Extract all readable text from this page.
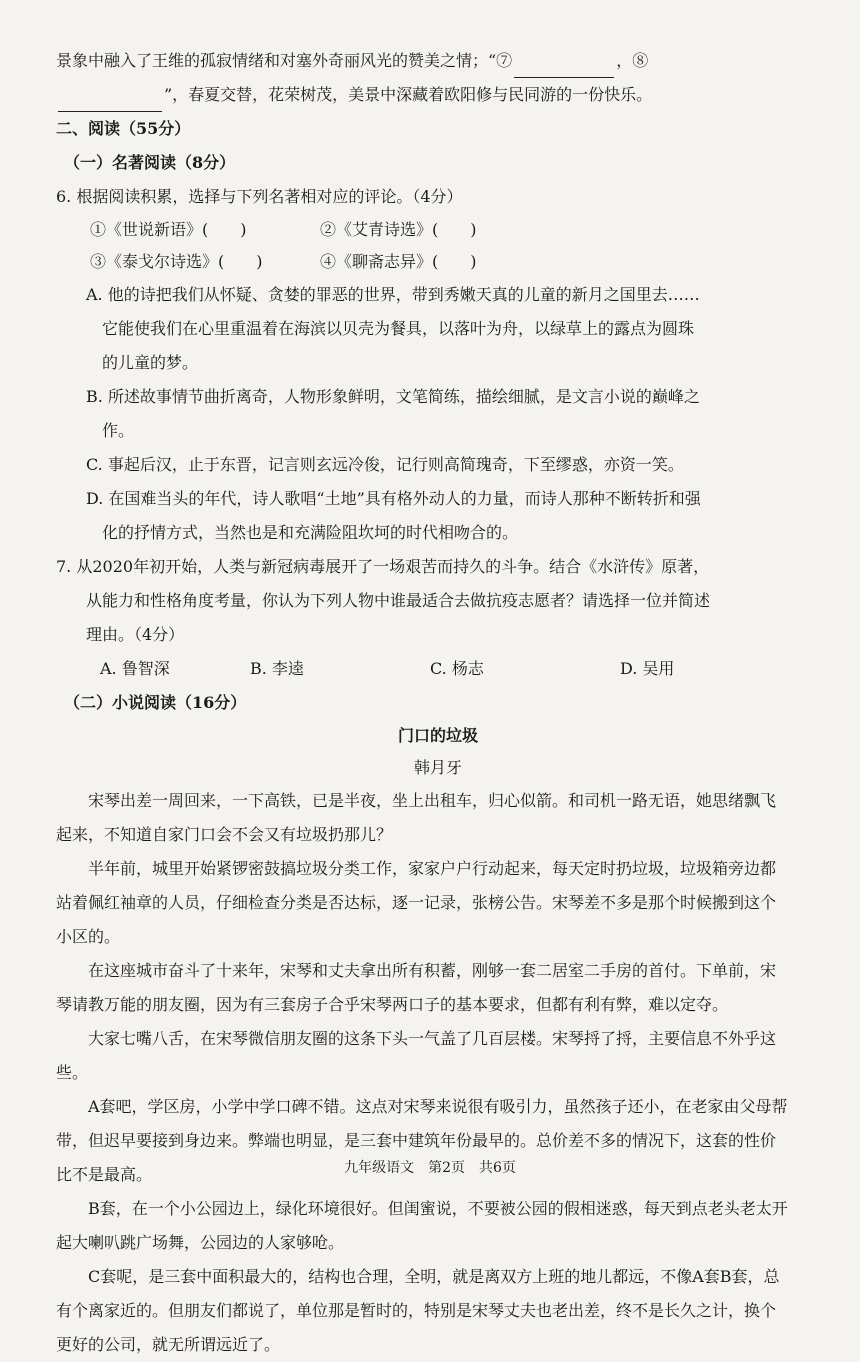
景象中融入了王维的孤寂情绪和对塞外奇丽风光的赞美之情；“⑦	，⑧
”，春夏交替，花荣树茂，美景中深藏着欧阳修与民同游的一份快乐。
二、阅读（55分）
（一）名著阅读（8分）
6. 根据阅读积累，选择与下列名著相对应的评论。（4分）
①《世说新语》(　　)	②《艾青诗选》(　　)
③《泰戈尔诗选》(　　)	④《聊斋志异》(　　)
A. 他的诗把我们从怀疑、贪婪的罪恶的世界，带到秀嫩天真的儿童的新月之国里去……
它能使我们在心里重温着在海滨以贝壳为餐具，以落叶为舟，以绿草上的露点为圆珠
的儿童的梦。
B. 所述故事情节曲折离奇，人物形象鲜明，文笔简练，描绘细腻，是文言小说的巅峰之
作。
C. 事起后汉，止于东晋，记言则玄远冷俊，记行则高简瑰奇，下至缪惑，亦资一笑。
D. 在国难当头的年代，诗人歌唱“土地”具有格外动人的力量，而诗人那种不断转折和强
化的抒情方式，当然也是和充满险阻坎坷的时代相吻合的。
7. 从2020年初开始，人类与新冠病毒展开了一场艰苦而持久的斗争。结合《水浒传》原著，
从能力和性格角度考量，你认为下列人物中谁最适合去做抗疫志愿者？请选择一位并简述
理由。（4分）
A. 鲁智深	B. 李逵	C. 杨志	D. 吴用
（二）小说阅读（16分）
门口的垃圾
韩月牙

宋琴出差一周回来，一下高铁，已是半夜，坐上出租车，归心似箭。和司机一路无语，她思绪飘飞起来，不知道自家门口会不会又有垃圾扔那儿？

半年前，城里开始紧锣密鼓搞垃圾分类工作，家家户户行动起来，每天定时扔垃圾，垃圾箱旁边都站着佩红袖章的人员，仔细检查分类是否达标，逐一记录，张榜公告。宋琴差不多是那个时候搬到这个小区的。

在这座城市奋斗了十来年，宋琴和丈夫拿出所有积蓄，刚够一套二居室二手房的首付。下单前，宋琴请教万能的朋友圈，因为有三套房子合乎宋琴两口子的基本要求，但都有利有弊，难以定夺。

大家七嘴八舌，在宋琴微信朋友圈的这条下头一气盖了几百层楼。宋琴捋了捋，主要信息不外乎这些。

A套吧，学区房，小学中学口碑不错。这点对宋琴来说很有吸引力，虽然孩子还小，在老家由父母帮带，但迟早要接到身边来。弊端也明显，是三套中建筑年份最早的。总价差不多的情况下，这套的性价比不是最高。

B套，在一个小公园边上，绿化环境很好。但闺蜜说，不要被公园的假相迷惑，每天到点老头老太开起大喇叭跳广场舞，公园边的人家够呛。

C套呢，是三套中面积最大的，结构也合理，全明，就是离双方上班的地儿都远，不像A套B套，总有个离家近的。但朋友们都说了，单位那是暂时的，特别是宋琴丈夫也老出差，终不是长久之计，换个更好的公司，就无所谓远近了。

九年级语文　第2页　共6页
